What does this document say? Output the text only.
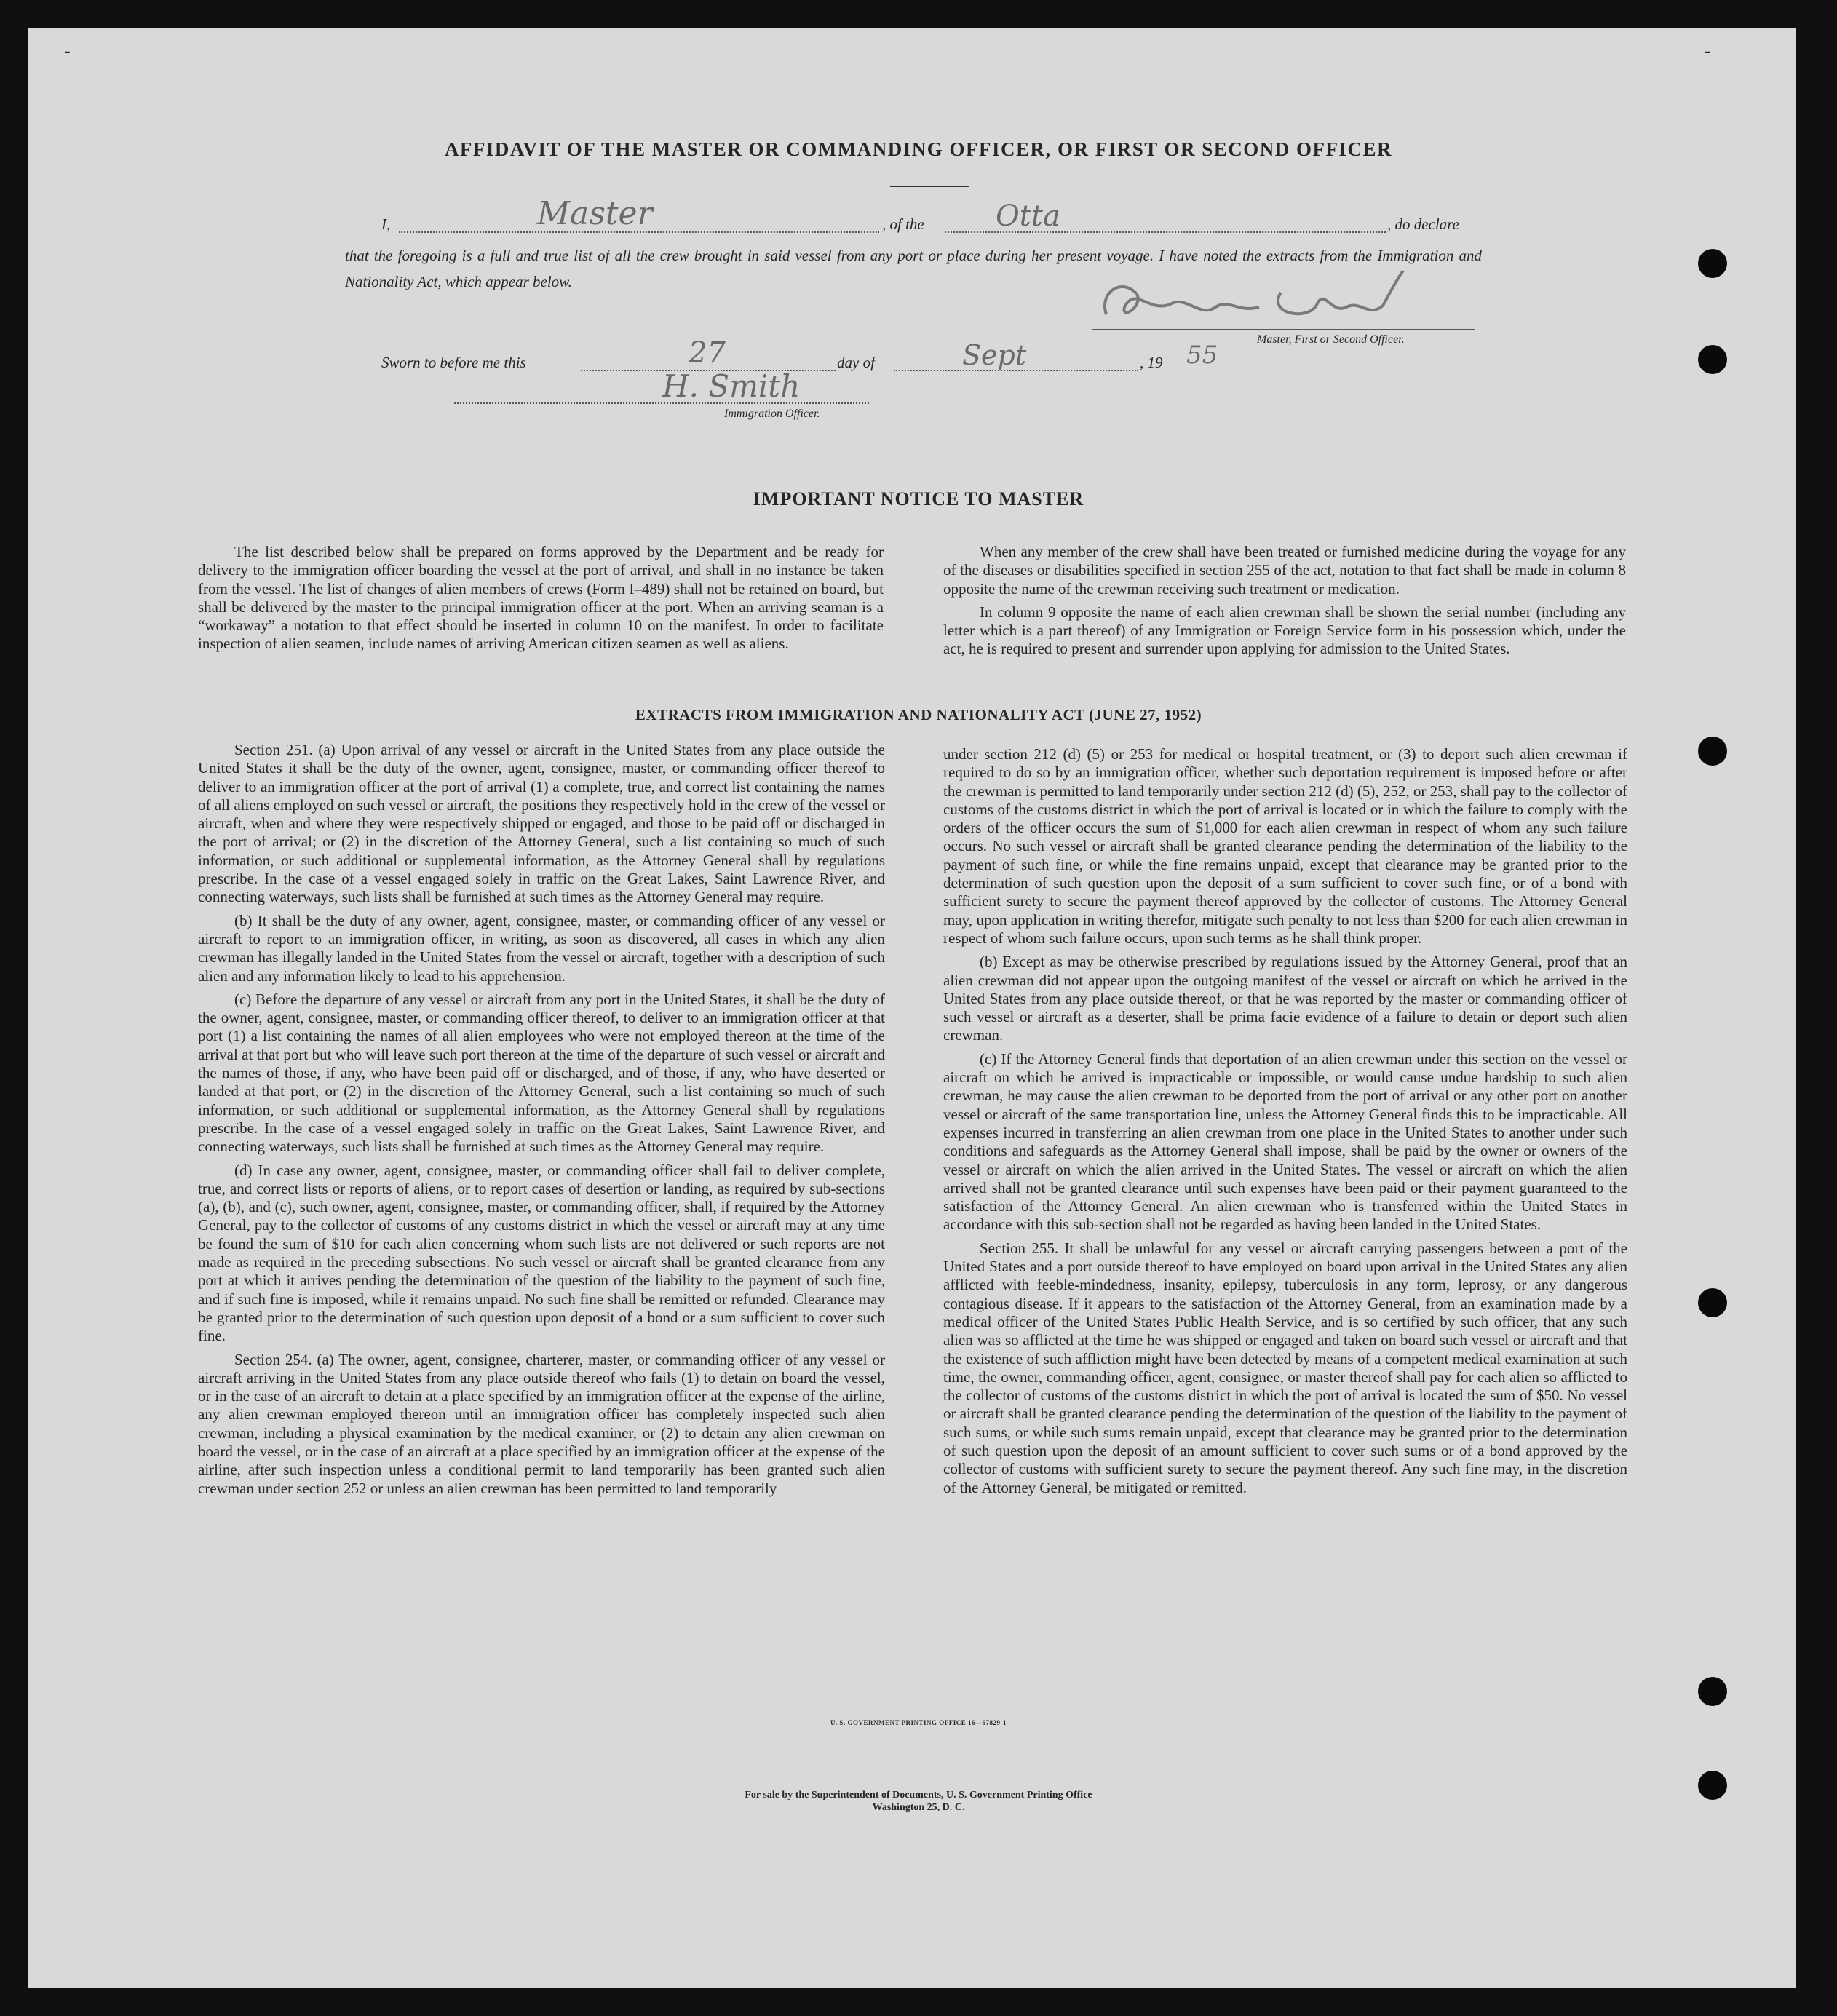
-	-
AFFIDAVIT OF THE MASTER OR COMMANDING OFFICER, OR FIRST OR SECOND OFFICER
I,	Master	, of the Otta	, do declare
that the foregoing is a full and true list of all the crew brought in said vessel from any port or place during her present voyage. I have noted the extracts from the Immigration and Nationality Act, which appear below.
Master, First or Second Officer.
Sworn to before me this	27	day of	Sept	, 19 55
H. Smith
Immigration Officer.
IMPORTANT NOTICE TO MASTER

The list described below shall be prepared on forms approved by the Department and be ready for delivery to the immigration officer boarding the vessel at the port of arrival, and shall in no instance be taken from the vessel. The list of changes of alien members of crews (Form I–489) shall not be retained on board, but shall be delivered by the master to the principal immigration officer at the port. When an arriving seaman is a “workaway” a notation to that effect should be inserted in column 10 on the manifest. In order to facilitate inspection of alien seamen, include names of arriving American citizen seamen as well as aliens.

When any member of the crew shall have been treated or furnished medicine during the voyage for any of the diseases or disabilities specified in section 255 of the act, notation to that fact shall be made in column 8 opposite the name of the crewman receiving such treatment or medication.

In column 9 opposite the name of each alien crewman shall be shown the serial number (including any letter which is a part thereof) of any Immigration or Foreign Service form in his possession which, under the act, he is required to present and surrender upon applying for admission to the United States.

EXTRACTS FROM IMMIGRATION AND NATIONALITY ACT (JUNE 27, 1952)

Section 251. (a) Upon arrival of any vessel or aircraft in the United States from any place outside the United States it shall be the duty of the owner, agent, consignee, master, or commanding officer thereof to deliver to an immigration officer at the port of arrival (1) a complete, true, and correct list containing the names of all aliens employed on such vessel or aircraft, the positions they respectively hold in the crew of the vessel or aircraft, when and where they were respectively shipped or engaged, and those to be paid off or discharged in the port of arrival; or (2) in the discretion of the Attorney General, such a list containing so much of such information, or such additional or supplemental information, as the Attorney General shall by regulations prescribe. In the case of a vessel engaged solely in traffic on the Great Lakes, Saint Lawrence River, and connecting waterways, such lists shall be furnished at such times as the Attorney General may require.

(b) It shall be the duty of any owner, agent, consignee, master, or commanding officer of any vessel or aircraft to report to an immigration officer, in writing, as soon as discovered, all cases in which any alien crewman has illegally landed in the United States from the vessel or aircraft, together with a description of such alien and any information likely to lead to his apprehension.

(c) Before the departure of any vessel or aircraft from any port in the United States, it shall be the duty of the owner, agent, consignee, master, or commanding officer thereof, to deliver to an immigration officer at that port (1) a list containing the names of all alien employees who were not employed thereon at the time of the arrival at that port but who will leave such port thereon at the time of the departure of such vessel or aircraft and the names of those, if any, who have been paid off or discharged, and of those, if any, who have deserted or landed at that port, or (2) in the discretion of the Attorney General, such a list containing so much of such information, or such additional or supplemental information, as the Attorney General shall by regulations prescribe. In the case of a vessel engaged solely in traffic on the Great Lakes, Saint Lawrence River, and connecting waterways, such lists shall be furnished at such times as the Attorney General may require.

(d) In case any owner, agent, consignee, master, or commanding officer shall fail to deliver complete, true, and correct lists or reports of aliens, or to report cases of desertion or landing, as required by sub-sections (a), (b), and (c), such owner, agent, consignee, master, or commanding officer, shall, if required by the Attorney General, pay to the collector of customs of any customs district in which the vessel or aircraft may at any time be found the sum of $10 for each alien concerning whom such lists are not delivered or such reports are not made as required in the preceding subsections. No such vessel or aircraft shall be granted clearance from any port at which it arrives pending the determination of the question of the liability to the payment of such fine, and if such fine is imposed, while it remains unpaid. No such fine shall be remitted or refunded. Clearance may be granted prior to the determination of such question upon deposit of a bond or a sum sufficient to cover such fine.

Section 254. (a) The owner, agent, consignee, charterer, master, or commanding officer of any vessel or aircraft arriving in the United States from any place outside thereof who fails (1) to detain on board the vessel, or in the case of an aircraft to detain at a place specified by an immigration officer at the expense of the airline, any alien crewman employed thereon until an immigration officer has completely inspected such alien crewman, including a physical examination by the medical examiner, or (2) to detain any alien crewman on board the vessel, or in the case of an aircraft at a place specified by an immigration officer at the expense of the airline, after such inspection unless a conditional permit to land temporarily has been granted such alien crewman under section 252 or unless an alien crewman has been permitted to land temporarily

under section 212 (d) (5) or 253 for medical or hospital treatment, or (3) to deport such alien crewman if required to do so by an immigration officer, whether such deportation requirement is imposed before or after the crewman is permitted to land temporarily under section 212 (d) (5), 252, or 253, shall pay to the collector of customs of the customs district in which the port of arrival is located or in which the failure to comply with the orders of the officer occurs the sum of $1,000 for each alien crewman in respect of whom any such failure occurs. No such vessel or aircraft shall be granted clearance pending the determination of the liability to the payment of such fine, or while the fine remains unpaid, except that clearance may be granted prior to the determination of such question upon the deposit of a sum sufficient to cover such fine, or of a bond with sufficient surety to secure the payment thereof approved by the collector of customs. The Attorney General may, upon application in writing therefor, mitigate such penalty to not less than $200 for each alien crewman in respect of whom such failure occurs, upon such terms as he shall think proper.

(b) Except as may be otherwise prescribed by regulations issued by the Attorney General, proof that an alien crewman did not appear upon the outgoing manifest of the vessel or aircraft on which he arrived in the United States from any place outside thereof, or that he was reported by the master or commanding officer of such vessel or aircraft as a deserter, shall be prima facie evidence of a failure to detain or deport such alien crewman.

(c) If the Attorney General finds that deportation of an alien crewman under this section on the vessel or aircraft on which he arrived is impracticable or impossible, or would cause undue hardship to such alien crewman, he may cause the alien crewman to be deported from the port of arrival or any other port on another vessel or aircraft of the same transportation line, unless the Attorney General finds this to be impracticable. All expenses incurred in transferring an alien crewman from one place in the United States to another under such conditions and safeguards as the Attorney General shall impose, shall be paid by the owner or owners of the vessel or aircraft on which the alien arrived in the United States. The vessel or aircraft on which the alien arrived shall not be granted clearance until such expenses have been paid or their payment guaranteed to the satisfaction of the Attorney General. An alien crewman who is transferred within the United States in accordance with this sub-section shall not be regarded as having been landed in the United States.

Section 255. It shall be unlawful for any vessel or aircraft carrying passengers between a port of the United States and a port outside thereof to have employed on board upon arrival in the United States any alien afflicted with feeble-mindedness, insanity, epilepsy, tuberculosis in any form, leprosy, or any dangerous contagious disease. If it appears to the satisfaction of the Attorney General, from an examination made by a medical officer of the United States Public Health Service, and is so certified by such officer, that any such alien was so afflicted at the time he was shipped or engaged and taken on board such vessel or aircraft and that the existence of such affliction might have been detected by means of a competent medical examination at such time, the owner, commanding officer, agent, consignee, or master thereof shall pay for each alien so afflicted to the collector of customs of the customs district in which the port of arrival is located the sum of $50. No vessel or aircraft shall be granted clearance pending the determination of the question of the liability to the payment of such sums, or while such sums remain unpaid, except that clearance may be granted prior to the determination of such question upon the deposit of an amount sufficient to cover such sums or of a bond approved by the collector of customs with sufficient surety to secure the payment thereof. Any such fine may, in the discretion of the Attorney General, be mitigated or remitted.

U. S. GOVERNMENT PRINTING OFFICE 16—67829-1
For sale by the Superintendent of Documents, U. S. Government Printing Office
Washington 25, D. C.
